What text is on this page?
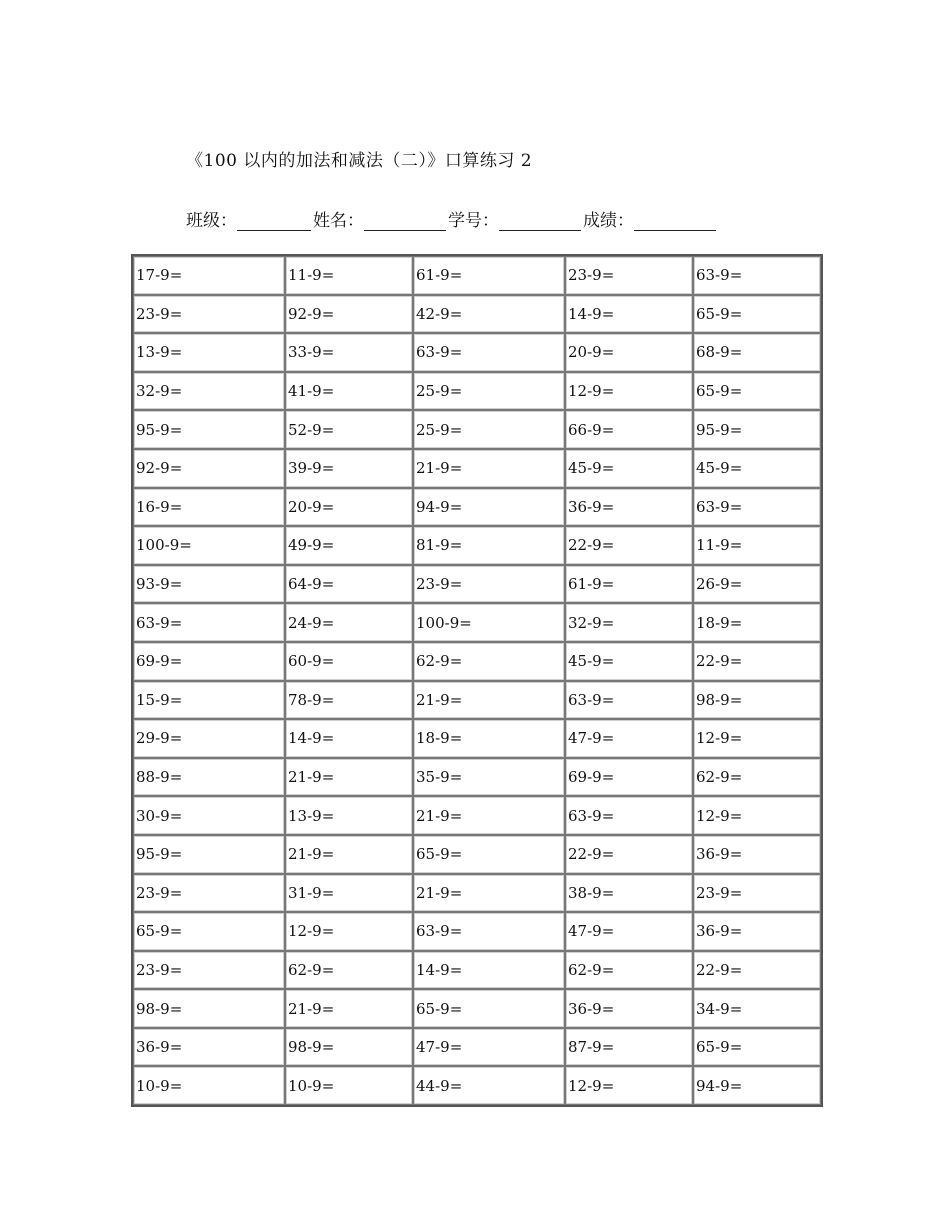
《100 以内的加法和减法（二）》口算练习 2
班级：	姓名：	学号：	成绩：
17-9=	11-9=	61-9=	23-9=	63-9=
23-9=	92-9=	42-9=	14-9=	65-9=
13-9=	33-9=	63-9=	20-9=	68-9=
32-9=	41-9=	25-9=	12-9=	65-9=
95-9=	52-9=	25-9=	66-9=	95-9=
92-9=	39-9=	21-9=	45-9=	45-9=
16-9=	20-9=	94-9=	36-9=	63-9=
100-9=	49-9=	81-9=	22-9=	11-9=
93-9=	64-9=	23-9=	61-9=	26-9=
63-9=	24-9=	100-9=	32-9=	18-9=
69-9=	60-9=	62-9=	45-9=	22-9=
15-9=	78-9=	21-9=	63-9=	98-9=
29-9=	14-9=	18-9=	47-9=	12-9=
88-9=	21-9=	35-9=	69-9=	62-9=
30-9=	13-9=	21-9=	63-9=	12-9=
95-9=	21-9=	65-9=	22-9=	36-9=
23-9=	31-9=	21-9=	38-9=	23-9=
65-9=	12-9=	63-9=	47-9=	36-9=
23-9=	62-9=	14-9=	62-9=	22-9=
98-9=	21-9=	65-9=	36-9=	34-9=
36-9=	98-9=	47-9=	87-9=	65-9=
10-9=	10-9=	44-9=	12-9=	94-9=
